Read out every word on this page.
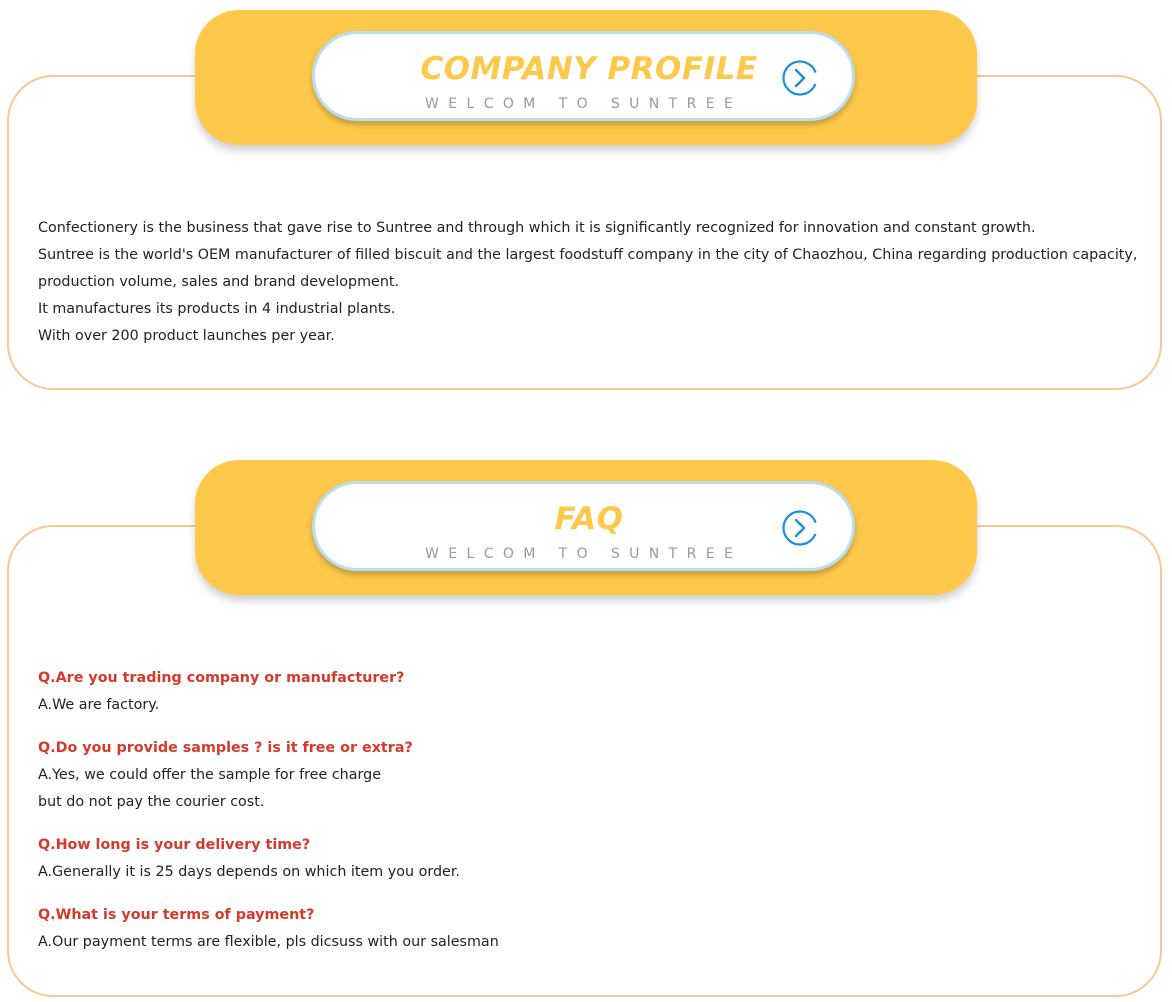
COMPANY PROFILE
WELCOM TO SUNTREE

Confectionery is the business that gave rise to Suntree and through which it is significantly recognized for innovation and constant growth.

Suntree is the world's OEM manufacturer of filled biscuit and the largest foodstuff company in the city of Chaozhou, China regarding production capacity,

production volume, sales and brand development.

It manufactures its products in 4 industrial plants.

With over 200 product launches per year.

FAQ
WELCOM TO SUNTREE
Q.Are you trading company or manufacturer?
A.We are factory.
Q.Do you provide samples ? is it free or extra?
A.Yes, we could offer the sample for free charge
but do not pay the courier cost.
Q.How long is your delivery time?
A.Generally it is 25 days depends on which item you order.
Q.What is your terms of payment?
A.Our payment terms are flexible, pls dicsuss with our salesman
